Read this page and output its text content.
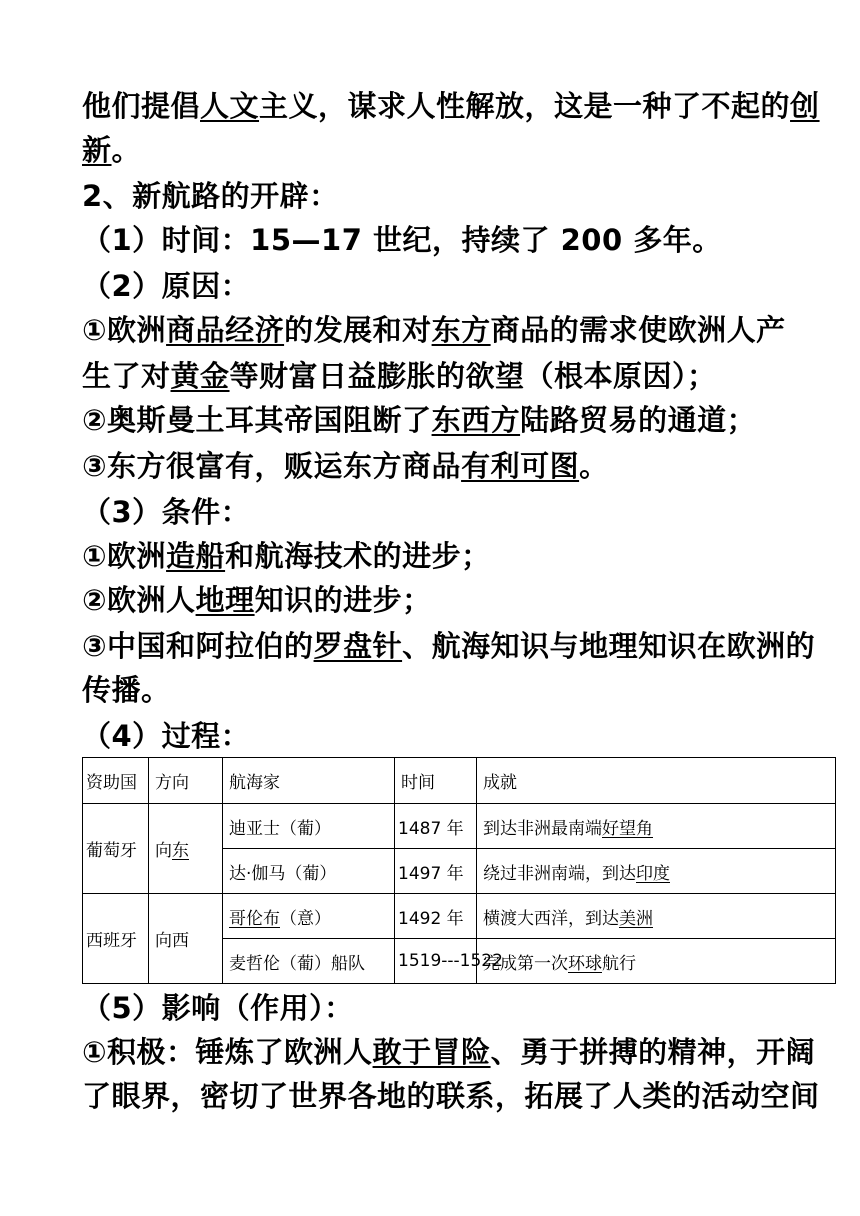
他们提倡人文主义，谋求人性解放，这是一种了不起的创
新。
2、新航路的开辟：
（1）时间：15—17 世纪，持续了 200 多年。
（2）原因：
①欧洲商品经济的发展和对东方商品的需求使欧洲人产
生了对黄金等财富日益膨胀的欲望（根本原因）；
②奥斯曼土耳其帝国阻断了东西方陆路贸易的通道；
③东方很富有，贩运东方商品有利可图。
（3）条件：
①欧洲造船和航海技术的进步；
②欧洲人地理知识的进步；
③中国和阿拉伯的罗盘针、航海知识与地理知识在欧洲的
传播。
（4）过程：
资助国	方向	航海家	时间	成就
葡萄牙	向东	迪亚士（葡）	1487 年	到达非洲最南端好望角
		达·伽马（葡）	1497 年	绕过非洲南端，到达印度
西班牙	向西	哥伦布（意）	1492 年	横渡大西洋，到达美洲
		麦哲伦（葡）船队	1519---1522	完成第一次环球航行
（5）影响（作用）：
①积极：锤炼了欧洲人敢于冒险、勇于拼搏的精神，开阔
了眼界，密切了世界各地的联系，拓展了人类的活动空间
